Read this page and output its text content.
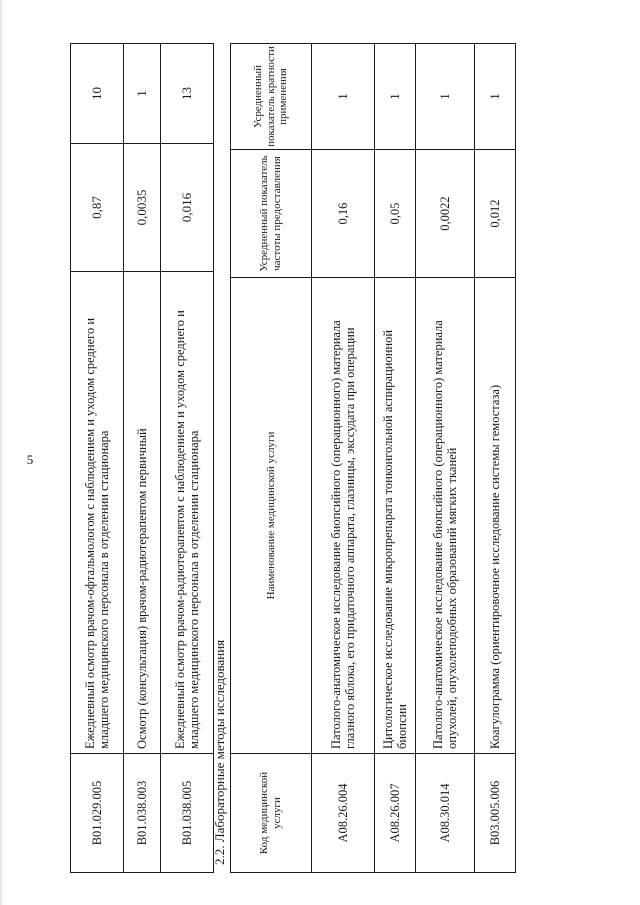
5
B01.029.005	Ежедневный осмотр врачом-офтальмологом с наблюдением и уходом среднего и младшего медицинского персонала в отделении стационара	0,87	10
B01.038.003	Осмотр (консультация) врачом-радиотерапевтом первичный	0,0035	1
B01.038.005	Ежедневный осмотр врачом-радиотерапевтом с наблюдением и уходом среднего и младшего медицинского персонала в отделении стационара	0,016	13
2.2. Лабораторные методы исследования	Код медицинской услуги	Наименование медицинской услуги	Усредненный показатель частоты предоставления	Усредненный показатель кратности применения
A08.26.004	Патолого-анатомическое исследование биопсийного (операционного) материала глазного яблока, его придаточного аппарата, глазницы, экссудата при операции	0,16	1
A08.26.007	Цитологическое исследование микропрепарата тонкоигольной аспирационной биопсии	0,05	1
A08.30.014	Патолого-анатомическое исследование биопсийного (операционного) материала опухолей, опухолеподобных образований мягких тканей	0,0022	1
B03.005.006	Коагулограмма (ориентировочное исследование системы гемостаза)	0,012	1
